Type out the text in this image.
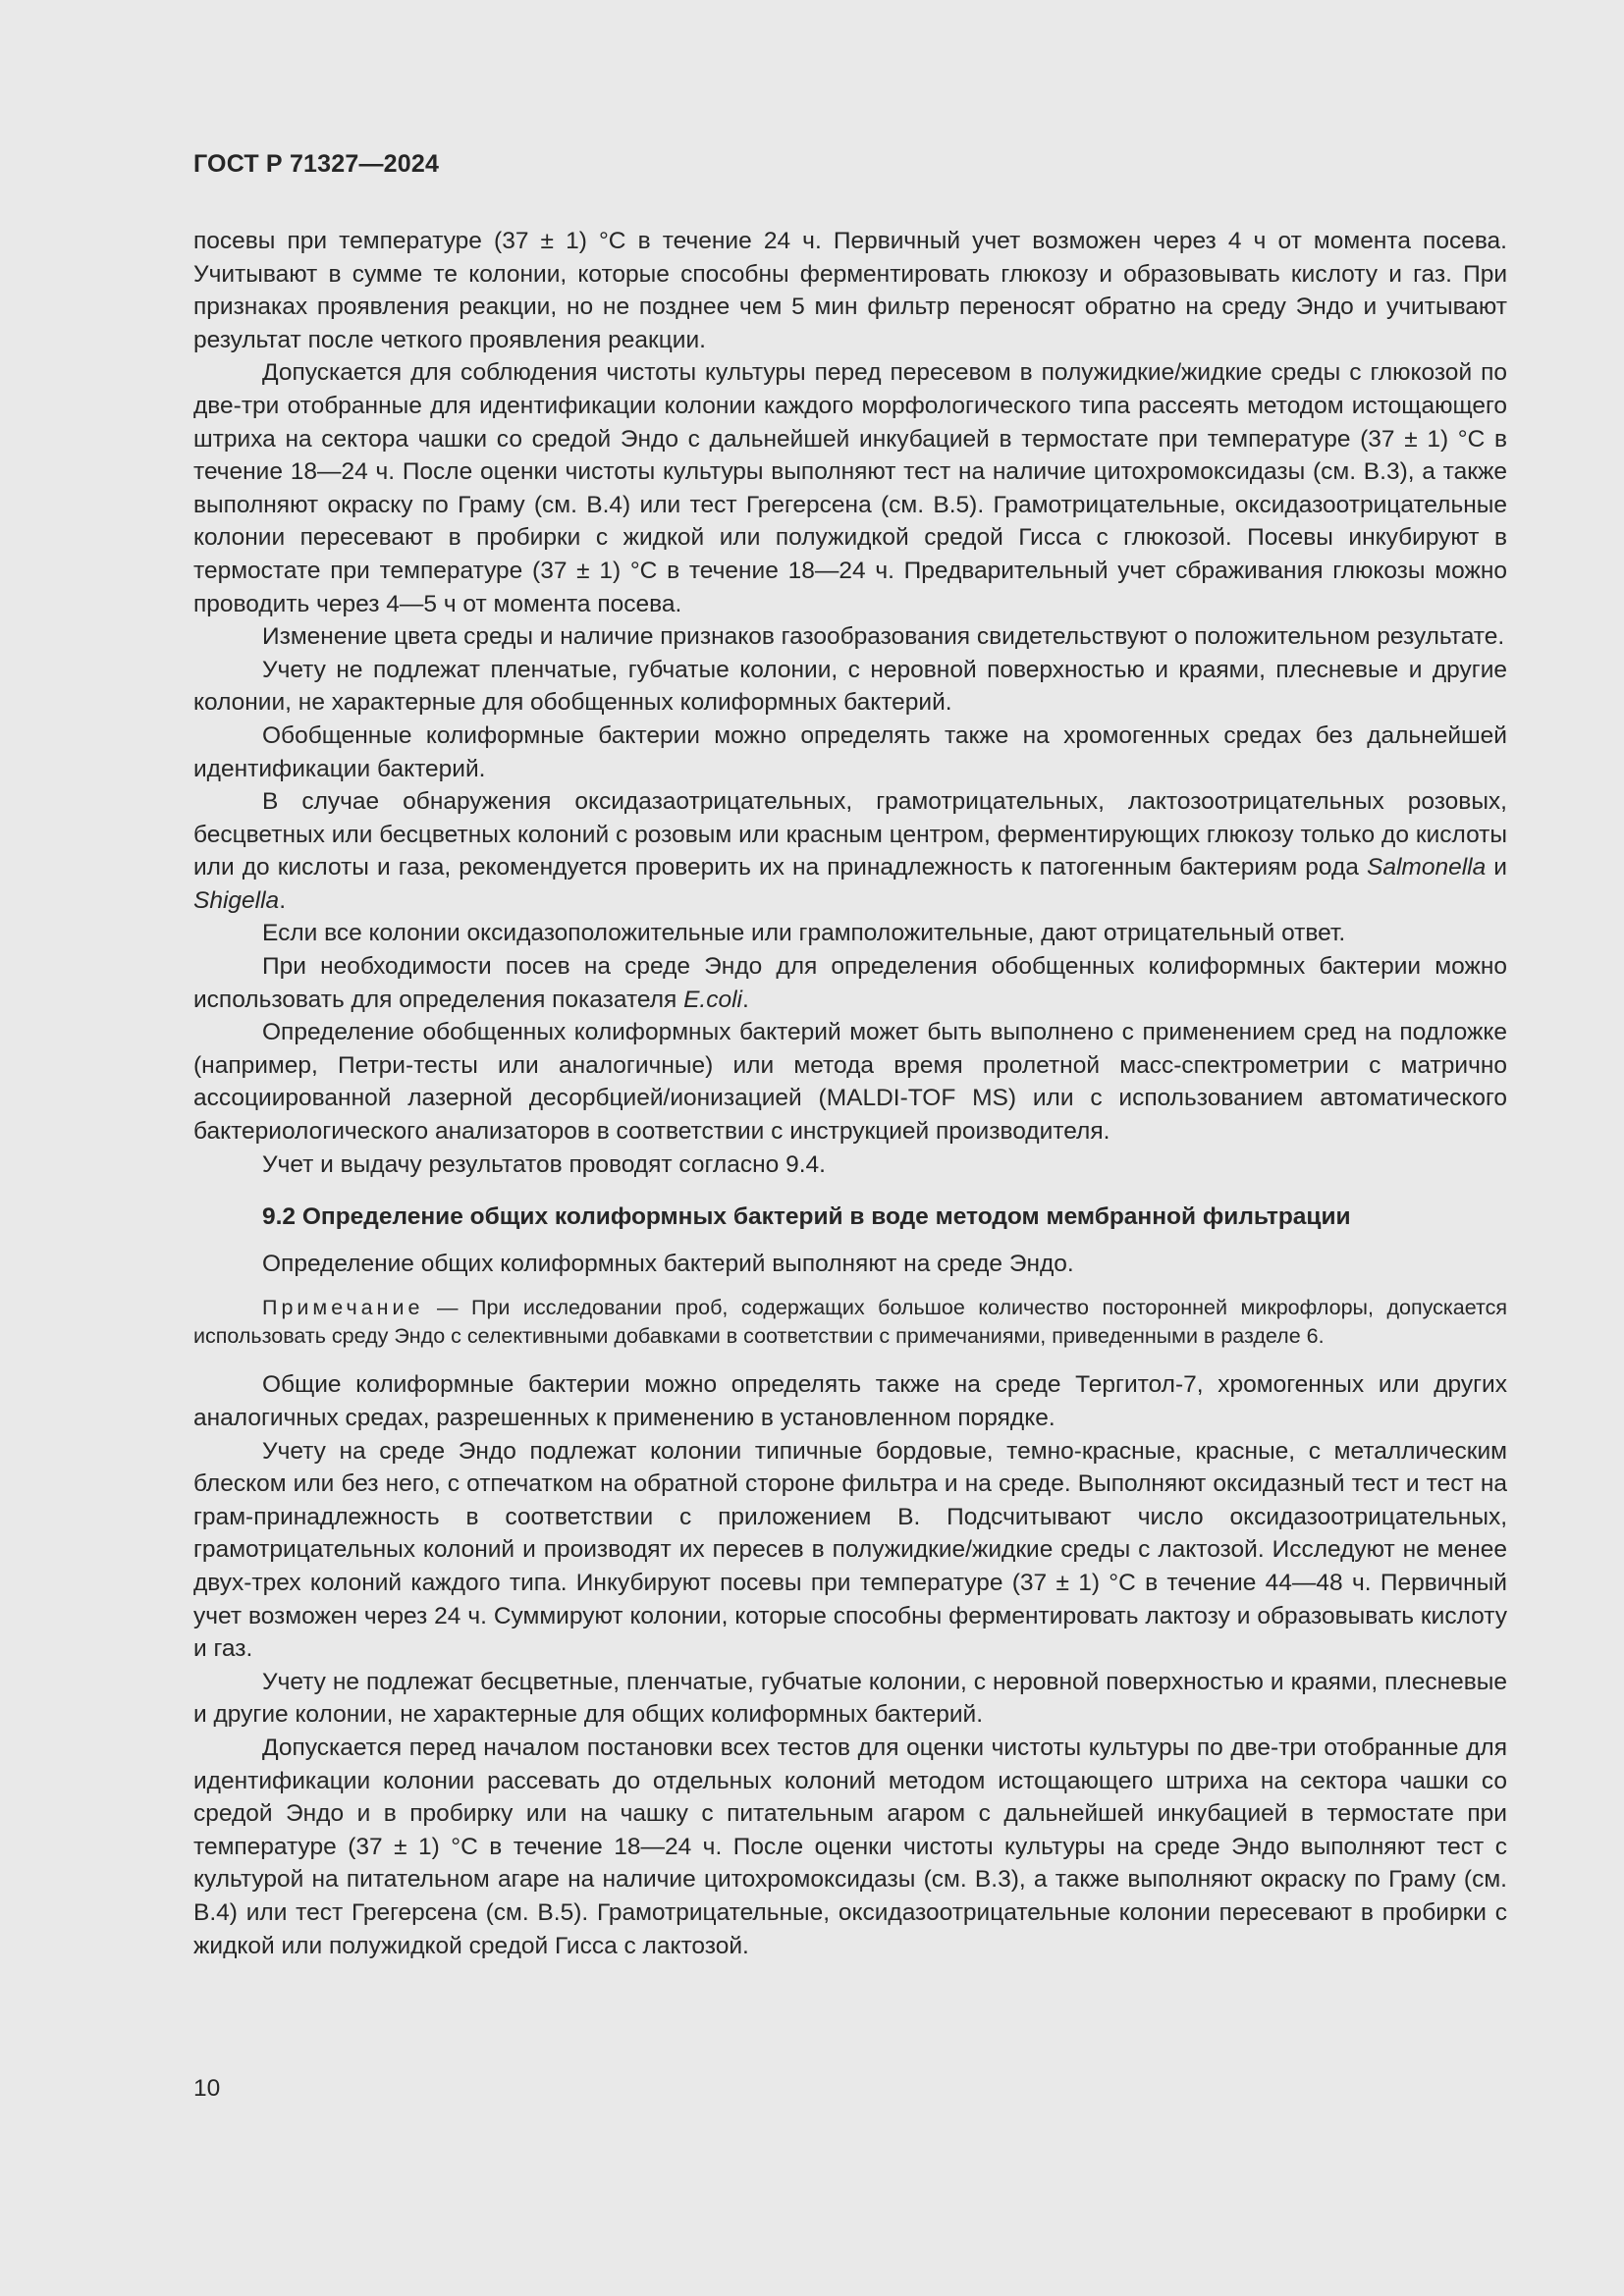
ГОСТ Р 71327—2024

посевы при температуре (37 ± 1) °С в течение 24 ч. Первичный учет возможен через 4 ч от момента посева. Учитывают в сумме те колонии, которые способны ферментировать глюкозу и образовывать кислоту и газ. При признаках проявления реакции, но не позднее чем 5 мин фильтр переносят обратно на среду Эндо и учитывают результат после четкого проявления реакции.

Допускается для соблюдения чистоты культуры перед пересевом в полужидкие/жидкие среды с глюкозой по две-три отобранные для идентификации колонии каждого морфологического типа рассеять методом истощающего штриха на сектора чашки со средой Эндо с дальнейшей инкубацией в термостате при температуре (37 ± 1) °С в течение 18—24 ч. После оценки чистоты культуры выполняют тест на наличие цитохромоксидазы (см. В.3), а также выполняют окраску по Граму (см. В.4) или тест Грегерсена (см. В.5). Грамотрицательные, оксидазоотрицательные колонии пересевают в пробирки с жидкой или полужидкой средой Гисса с глюкозой. Посевы инкубируют в термостате при температуре (37 ± 1) °С в течение 18—24 ч. Предварительный учет сбраживания глюкозы можно проводить через 4—5 ч от момента посева.

Изменение цвета среды и наличие признаков газообразования свидетельствуют о положительном результате.

Учету не подлежат пленчатые, губчатые колонии, с неровной поверхностью и краями, плесневые и другие колонии, не характерные для обобщенных колиформных бактерий.

Обобщенные колиформные бактерии можно определять также на хромогенных средах без дальнейшей идентификации бактерий.

В случае обнаружения оксидазаотрицательных, грамотрицательных, лактозоотрицательных розовых, бесцветных или бесцветных колоний с розовым или красным центром, ферментирующих глюкозу только до кислоты или до кислоты и газа, рекомендуется проверить их на принадлежность к патогенным бактериям рода Salmonella и Shigella.

Если все колонии оксидазоположительные или грамположительные, дают отрицательный ответ.

При необходимости посев на среде Эндо для определения обобщенных колиформных бактерии можно использовать для определения показателя E.coli.

Определение обобщенных колиформных бактерий может быть выполнено с применением сред на подложке (например, Петри-тесты или аналогичные) или метода время пролетной масс-спектрометрии с матрично ассоциированной лазерной десорбцией/ионизацией (MALDI-TOF MS) или с использованием автоматического бактериологического анализаторов в соответствии с инструкцией производителя.

Учет и выдачу результатов проводят согласно 9.4.

9.2 Определение общих колиформных бактерий в воде методом мембранной фильтрации

Определение общих колиформных бактерий выполняют на среде Эндо.

Примечание — При исследовании проб, содержащих большое количество посторонней микрофлоры, допускается использовать среду Эндо с селективными добавками в соответствии с примечаниями, приведенными в разделе 6.

Общие колиформные бактерии можно определять также на среде Тергитол-7, хромогенных или других аналогичных средах, разрешенных к применению в установленном порядке.

Учету на среде Эндо подлежат колонии типичные бордовые, темно-красные, красные, с металлическим блеском или без него, с отпечатком на обратной стороне фильтра и на среде. Выполняют оксидазный тест и тест на грам-принадлежность в соответствии с приложением В. Подсчитывают число оксидазоотрицательных, грамотрицательных колоний и производят их пересев в полужидкие/жидкие среды с лактозой. Исследуют не менее двух-трех колоний каждого типа. Инкубируют посевы при температуре (37 ± 1) °С в течение 44—48 ч. Первичный учет возможен через 24 ч. Суммируют колонии, которые способны ферментировать лактозу и образовывать кислоту и газ.

Учету не подлежат бесцветные, пленчатые, губчатые колонии, с неровной поверхностью и краями, плесневые и другие колонии, не характерные для общих колиформных бактерий.

Допускается перед началом постановки всех тестов для оценки чистоты культуры по две-три отобранные для идентификации колонии рассевать до отдельных колоний методом истощающего штриха на сектора чашки со средой Эндо и в пробирку или на чашку с питательным агаром с дальнейшей инкубацией в термостате при температуре (37 ± 1) °С в течение 18—24 ч. После оценки чистоты культуры на среде Эндо выполняют тест с культурой на питательном агаре на наличие цитохромоксидазы (см. В.3), а также выполняют окраску по Граму (см. В.4) или тест Грегерсена (см. В.5). Грамотрицательные, оксидазоотрицательные колонии пересевают в пробирки с жидкой или полужидкой средой Гисса с лактозой.

10
